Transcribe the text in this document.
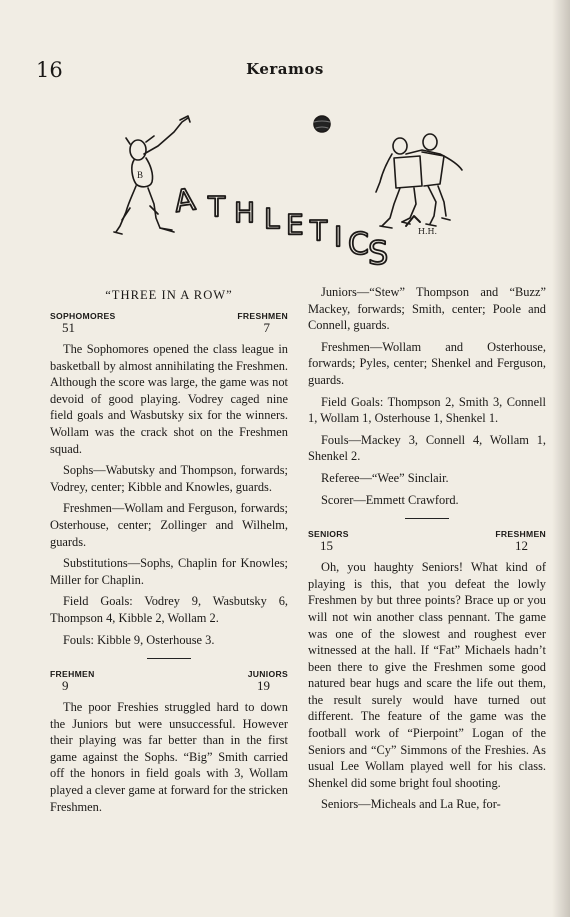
16	Keramos
B
A T H L E T I C S
H.H.
“THREE IN A ROW”
SOPHOMORES	FRESHMEN
51	7

The Sophomores opened the class league in basketball by almost annihilating the Freshmen. Although the score was large, the game was not devoid of good playing. Vodrey caged nine field goals and Wasbutsky six for the winners. Wollam was the crack shot on the Freshmen squad.

Sophs—Wabutsky and Thompson, forwards; Vodrey, center; Kibble and Knowles, guards.

Freshmen—Wollam and Ferguson, forwards; Osterhouse, center; Zollinger and Wilhelm, guards.

Substitutions—Sophs, Chaplin for Knowles; Miller for Chaplin.

Field Goals: Vodrey 9, Wasbutsky 6, Thompson 4, Kibble 2, Wollam 2.

Fouls: Kibble 9, Osterhouse 3.

FREHMEN	JUNIORS
9	19

The poor Freshies struggled hard to down the Juniors but were unsuccessful. However their playing was far better than in the first game against the Sophs. “Big” Smith carried off the honors in field goals with 3, Wollam played a clever game at forward for the stricken Freshmen.

Juniors—“Stew” Thompson and “Buzz” Mackey, forwards; Smith, center; Poole and Connell, guards.

Freshmen—Wollam and Osterhouse, forwards; Pyles, center; Shenkel and Ferguson, guards.

Field Goals: Thompson 2, Smith 3, Connell 1, Wollam 1, Osterhouse 1, Shenkel 1.

Fouls—Mackey 3, Connell 4, Wollam 1, Shenkel 2.

Referee—“Wee” Sinclair.

Scorer—Emmett Crawford.

SENIORS	FRESHMEN
15	12

Oh, you haughty Seniors! What kind of playing is this, that you defeat the lowly Freshmen by but three points? Brace up or you will not win another class pennant. The game was one of the slowest and roughest ever witnessed at the hall. If “Fat” Michaels hadn’t been there to give the Freshmen some good natured bear hugs and scare the life out them, the result surely would have turned out different. The feature of the game was the football work of “Pierpoint” Logan of the Seniors and “Cy” Simmons of the Freshies. As usual Lee Wollam played well for his class. Shenkel did some bright foul shooting.

Seniors—Micheals and La Rue, for-
